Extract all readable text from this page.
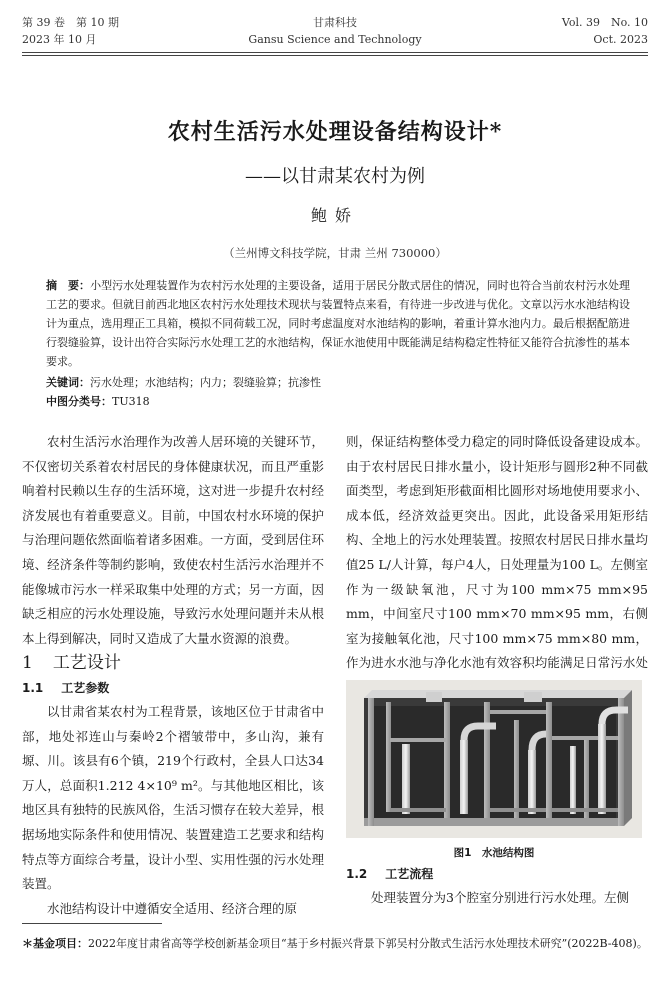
第 39 卷　第 10 期
2023 年 10 月
甘肃科技
Gansu Science and Technology
Vol. 39　No. 10
Oct. 2023
农村生活污水处理设备结构设计*
——以甘肃某农村为例
鲍娇
（兰州博文科技学院，甘肃 兰州 730000）
摘　要：小型污水处理装置作为农村污水处理的主要设备，适用于居民分散式居住的情况，同时也符合当前农村污水处理工艺的要求。但就目前西北地区农村污水处理技术现状与装置特点来看，有待进一步改进与优化。文章以污水水池结构设计为重点，选用理正工具箱，模拟不同荷载工况，同时考虑温度对水池结构的影响，着重计算水池内力。最后根据配筋进行裂缝验算，设计出符合实际污水处理工艺的水池结构，保证水池使用中既能满足结构稳定性特征又能符合抗渗性的基本要求。
关键词：污水处理；水池结构；内力；裂缝验算；抗渗性
中图分类号：TU318

农村生活污水治理作为改善人居环境的关键环节，不仅密切关系着农村居民的身体健康状况，而且严重影响着村民赖以生存的生活环境，这对进一步提升农村经济发展也有着重要意义。目前，中国农村水环境的保护与治理问题依然面临着诸多困难。一方面，受到居住环境、经济条件等制约影响，致使农村生活污水治理并不能像城市污水一样采取集中处理的方式；另一方面，因缺乏相应的污水处理设施，导致污水处理问题并未从根本上得到解决，同时又造成了大量水资源的浪费。

1 工艺设计

1.1 工艺参数

以甘肃省某农村为工程背景，该地区位于甘肃省中部，地处祁连山与秦岭2个褶皱带中，多山沟，兼有塬、川。该县有6个镇，219个行政村，全县人口达34万人，总面积1.212 4×10⁹ m²。与其他地区相比，该地区具有独特的民族风俗，生活习惯存在较大差异，根据场地实际条件和使用情况、装置建造工艺要求和结构特点等方面综合考量，设计小型、实用性强的污水处理装置。

水池结构设计中遵循安全适用、经济合理的原

则，保证结构整体受力稳定的同时降低设备建设成本。由于农村居民日排水量小，设计矩形与圆形2种不同截面类型，考虑到矩形截面相比圆形对场地使用要求小、成本低，经济效益更突出。因此，此设备采用矩形结构、全地上的污水处理装置。按照农村居民日排水量均值25 L/人计算，每户4人，日处理量为100 L。左侧室作为一级缺氧池，尺寸为100 mm×75 mm×95 mm，中间室尺寸100 mm×70 mm×95 mm，右侧室为接触氧化池，尺寸100 mm×75 mm×80 mm，作为进水水池与净化水池有效容积均能满足日常污水处

图1　水池结构图

1.2 工艺流程

处理装置分为3个腔室分别进行污水处理。左侧

＊基金项目：2022年度甘肃省高等学校创新基金项目“基于乡村振兴背景下郭吴村分散式生活污水处理技术研究”(2022B-408)。
